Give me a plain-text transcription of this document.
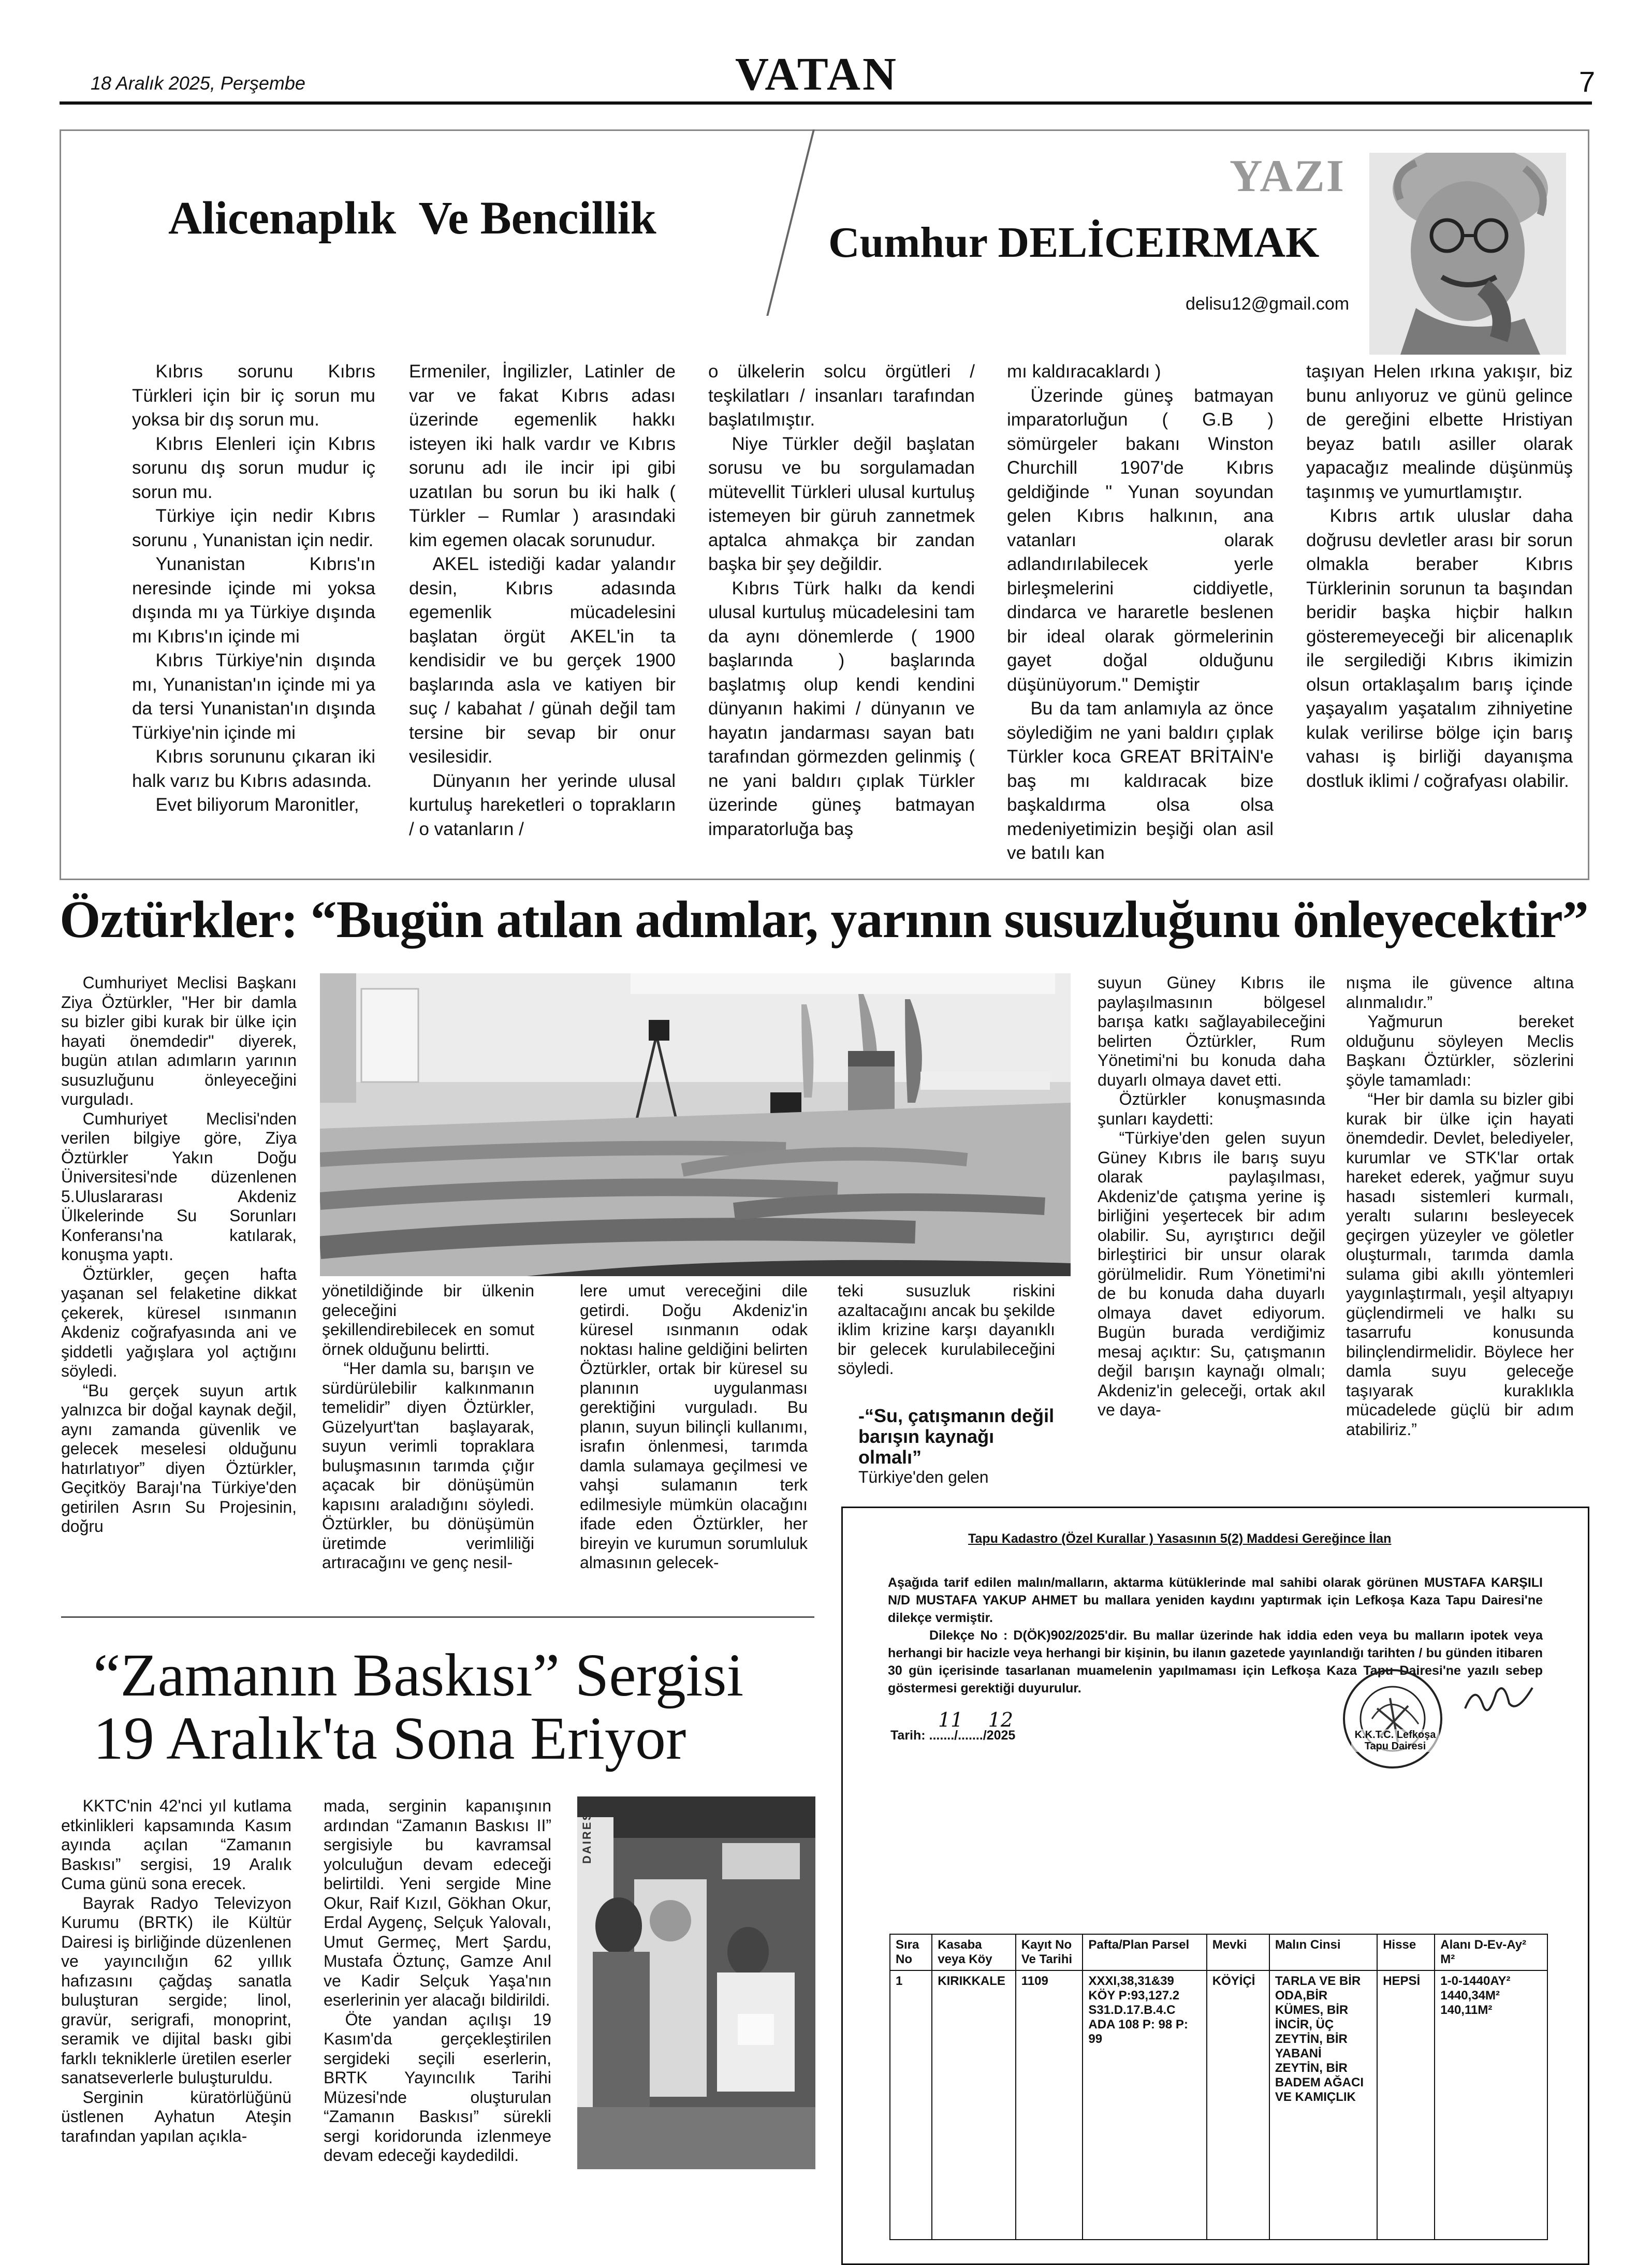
18 Aralık 2025, Perşembe	VATAN	7
Alicenaplık  Ve Bencillik
YAZI
Cumhur DELİCEIRMAK
delisu12@gmail.com

Kıbrıs sorunu Kıbrıs Türkleri için bir iç sorun mu yoksa bir dış sorun mu.

Kıbrıs Elenleri için Kıbrıs sorunu dış sorun mudur iç sorun mu.

Türkiye için nedir Kıbrıs sorunu , Yunanistan için nedir.

Yunanistan Kıbrıs'ın neresinde içinde mi yoksa dışında mı ya Türkiye dışında mı Kıbrıs'ın içinde mi

Kıbrıs Türkiye'nin dışında mı, Yunanistan'ın içinde mi ya da tersi Yunanistan'ın dışında Türkiye'nin içinde mi

Kıbrıs sorununu çıkaran iki halk varız bu Kıbrıs adasında.

Evet biliyorum Maronitler,

Ermeniler, İngilizler, Latinler de var ve fakat Kıbrıs adası üzerinde egemenlik hakkı isteyen iki halk vardır ve Kıbrıs sorunu adı ile incir ipi gibi uzatılan bu sorun bu iki halk ( Türkler – Rumlar ) arasındaki kim egemen olacak sorunudur.

AKEL istediği kadar yalandır desin, Kıbrıs adasında egemenlik mücadelesini başlatan örgüt AKEL'in ta kendisidir ve bu gerçek 1900 başlarında asla ve katiyen bir suç / kabahat / günah değil tam tersine bir sevap bir onur vesilesidir.

Dünyanın her yerinde ulusal kurtuluş hareketleri o toprakların / o vatanların /

o ülkelerin solcu örgütleri / teşkilatları / insanları tarafından başlatılmıştır.

Niye Türkler değil başlatan sorusu ve bu sorgulamadan mütevellit Türkleri ulusal kurtuluş istemeyen bir güruh zannetmek aptalca ahmakça bir zandan başka bir şey değildir.

Kıbrıs Türk halkı da kendi ulusal kurtuluş mücadelesini tam da aynı dönemlerde ( 1900 başlarında ) başlarında başlatmış olup kendi kendini dünyanın hakimi / dünyanın ve hayatın jandarması sayan batı tarafından görmezden gelinmiş ( ne yani baldırı çıplak Türkler üzerinde güneş batmayan imparatorluğa baş

mı kaldıracaklardı )

Üzerinde güneş batmayan imparatorluğun ( G.B ) sömürgeler bakanı Winston Churchill 1907'de Kıbrıs geldiğinde '' Yunan soyundan gelen Kıbrıs halkının, ana vatanları olarak adlandırılabilecek yerle birleşmelerini ciddiyetle, dindarca ve hararetle beslenen bir ideal olarak görmelerinin gayet doğal olduğunu düşünüyorum." Demiştir

Bu da tam anlamıyla az önce söylediğim ne yani baldırı çıplak Türkler koca GREAT BRİTAİN'e baş mı kaldıracak bize başkaldırma olsa olsa medeniyetimizin beşiği olan asil ve batılı kan

taşıyan Helen ırkına yakışır, biz bunu anlıyoruz ve günü gelince de gereğini elbette Hristiyan beyaz batılı asiller olarak yapacağız mealinde düşünmüş taşınmış ve yumurtlamıştır.

Kıbrıs artık uluslar daha doğrusu devletler arası bir sorun olmakla beraber Kıbrıs Türklerinin sorunun ta başından beridir başka hiçbir halkın gösteremeyeceği bir alicenaplık ile sergilediği Kıbrıs ikimizin olsun ortaklaşalım barış içinde yaşayalım yaşatalım zihniyetine kulak verilirse bölge için barış vahası iş birliği dayanışma dostluk iklimi / coğrafyası olabilir.

Öztürkler: “Bugün atılan adımlar, yarının susuzluğunu önleyecektir”

Cumhuriyet Meclisi Başkanı Ziya Öztürkler, "Her bir damla su bizler gibi kurak bir ülke için hayati önemdedir" diyerek, bugün atılan adımların yarının susuzluğunu önleyeceğini vurguladı.

Cumhuriyet Meclisi'nden verilen bilgiye göre, Ziya Öztürkler Yakın Doğu Üniversitesi'nde düzenlenen 5.Uluslararası Akdeniz Ülkelerinde Su Sorunları Konferansı'na katılarak, konuşma yaptı.

Öztürkler, geçen hafta yaşanan sel felaketine dikkat çekerek, küresel ısınmanın Akdeniz coğrafyasında ani ve şiddetli yağışlara yol açtığını söyledi.

“Bu gerçek suyun artık yalnızca bir doğal kaynak değil, aynı zamanda güvenlik ve gelecek meselesi olduğunu hatırlatıyor” diyen Öztürkler, Geçitköy Barajı'na Türkiye'den getirilen Asrın Su Projesinin, doğru

yönetildiğinde bir ülkenin geleceğini şekillendirebilecek en somut örnek olduğunu belirtti.

“Her damla su, barışın ve sürdürülebilir kalkınmanın temelidir” diyen Öztürkler, Güzelyurt'tan başlayarak, suyun verimli topraklara buluşmasının tarımda çığır açacak bir dönüşümün kapısını araladığını söyledi. Öztürkler, bu dönüşümün üretimde verimliliği artıracağını ve genç nesil-

lere umut vereceğini dile getirdi. Doğu Akdeniz'in küresel ısınmanın odak noktası haline geldiğini belirten Öztürkler, ortak bir küresel su planının uygulanması gerektiğini vurguladı. Bu planın, suyun bilinçli kullanımı, israfın önlenmesi, tarımda damla sulamaya geçilmesi ve vahşi sulamanın terk edilmesiyle mümkün olacağını ifade eden Öztürkler, her bireyin ve kurumun sorumluluk almasının gelecek-

teki susuzluk riskini azaltacağını ancak bu şekilde iklim krizine karşı dayanıklı bir gelecek kurulabileceğini söyledi.

-“Su, çatışmanın değil barışın kaynağı olmalı”

Türkiye'den gelen

suyun Güney Kıbrıs ile paylaşılmasının bölgesel barışa katkı sağlayabileceğini belirten Öztürkler, Rum Yönetimi'ni bu konuda daha duyarlı olmaya davet etti.

Öztürkler konuşmasında şunları kaydetti:

“Türkiye'den gelen suyun Güney Kıbrıs ile barış suyu olarak paylaşılması, Akdeniz'de çatışma yerine iş birliğini yeşertecek bir adım olabilir. Su, ayrıştırıcı değil birleştirici bir unsur olarak görülmelidir. Rum Yönetimi'ni de bu konuda daha duyarlı olmaya davet ediyorum. Bugün burada verdiğimiz mesaj açıktır: Su, çatışmanın değil barışın kaynağı olmalı; Akdeniz'in geleceği, ortak akıl ve daya-

nışma ile güvence altına alınmalıdır.”

Yağmurun bereket olduğunu söyleyen Meclis Başkanı Öztürkler, sözlerini şöyle tamamladı:

“Her bir damla su bizler gibi kurak bir ülke için hayati önemdedir. Devlet, belediyeler, kurumlar ve STK'lar ortak hareket ederek, yağmur suyu hasadı sistemleri kurmalı, yeraltı sularını besleyecek geçirgen yüzeyler ve göletler oluşturmalı, tarımda damla sulama gibi akıllı yöntemleri yaygınlaştırmalı, yeşil altyapıyı güçlendirmeli ve halkı su tasarrufu konusunda bilinçlendirmelidir. Böylece her damla suyu geleceğe taşıyarak kuraklıkla mücadelede güçlü bir adım atabiliriz.”

“Zamanın Baskısı” Sergisi
19 Aralık'ta Sona Eriyor

KKTC'nin 42'nci yıl kutlama etkinlikleri kapsamında Kasım ayında açılan “Zamanın Baskısı” sergisi, 19 Aralık Cuma günü sona erecek.

Bayrak Radyo Televizyon Kurumu (BRTK) ile Kültür Dairesi iş birliğinde düzenlenen ve yayıncılığın 62 yıllık hafızasını çağdaş sanatla buluşturan sergide; linol, gravür, serigrafi, monoprint, seramik ve dijital baskı gibi farklı tekniklerle üretilen eserler sanatseverlerle buluşturuldu.

Serginin küratörlüğünü üstlenen Ayhatun Ateşin tarafından yapılan açıkla-

mada, serginin kapanışının ardından “Zamanın Baskısı II” sergisiyle bu kavramsal yolculuğun devam edeceği belirtildi. Yeni sergide Mine Okur, Raif Kızıl, Gökhan Okur, Erdal Aygenç, Selçuk Yalovalı, Umut Germeç, Mert Şardu, Mustafa Öztunç, Gamze Anıl ve Kadir Selçuk Yaşa'nın eserlerinin yer alacağı bildirildi.

Öte yandan açılışı 19 Kasım'da gerçekleştirilen sergideki seçili eserlerin, BRTK Yayıncılık Tarihi Müzesi'nde oluşturulan “Zamanın Baskısı” sürekli sergi koridorunda izlenmeye devam edeceği kaydedildi.

DAIREST
Tapu Kadastro (Özel Kurallar ) Yasasının 5(2) Maddesi Gereğince İlan
Aşağıda tarif edilen malın/malların, aktarma kütüklerinde mal sahibi olarak görünen MUSTAFA KARŞILI N/D MUSTAFA YAKUP AHMET bu mallara yeniden kaydını yaptırmak için Lefkoşa Kaza Tapu Dairesi'ne dilekçe vermiştir.
Dilekçe No : D(ÖK)902/2025'dir. Bu mallar üzerinde hak iddia eden veya bu malların ipotek veya herhangi bir hacizle veya herhangi bir kişinin, bu ilanın gazetede yayınlandığı tarihten / bu günden itibaren 30 gün içerisinde tasarlanan muamelenin yapılmaması için Lefkoşa Kaza Tapu Dairesi'ne yazılı sebep göstermesi gerektiği duyurulur.
Tarih: ......./......./2025
11    12
K.K.T.C. Lefkoşa Tapu Dairesi
Sıra No	Kasaba veya Köy	Kayıt No Ve Tarihi	Pafta/Plan Parsel	Mevki	Malın Cinsi	Hisse	Alanı D-Ev-Ay² M²
1	KIRIKKALE	1109	XXXI,38,31&39 KÖY P:93,127.2 S31.D.17.B.4.C ADA 108 P: 98 P: 99	KÖYİÇİ	TARLA VE BİR ODA,BİR KÜMES, BİR İNCİR, ÜÇ ZEYTİN, BİR YABANİ ZEYTİN, BİR BADEM AĞACI VE KAMIÇLIK	HEPSİ	1-0-1440AY² 1440,34M² 140,11M²
